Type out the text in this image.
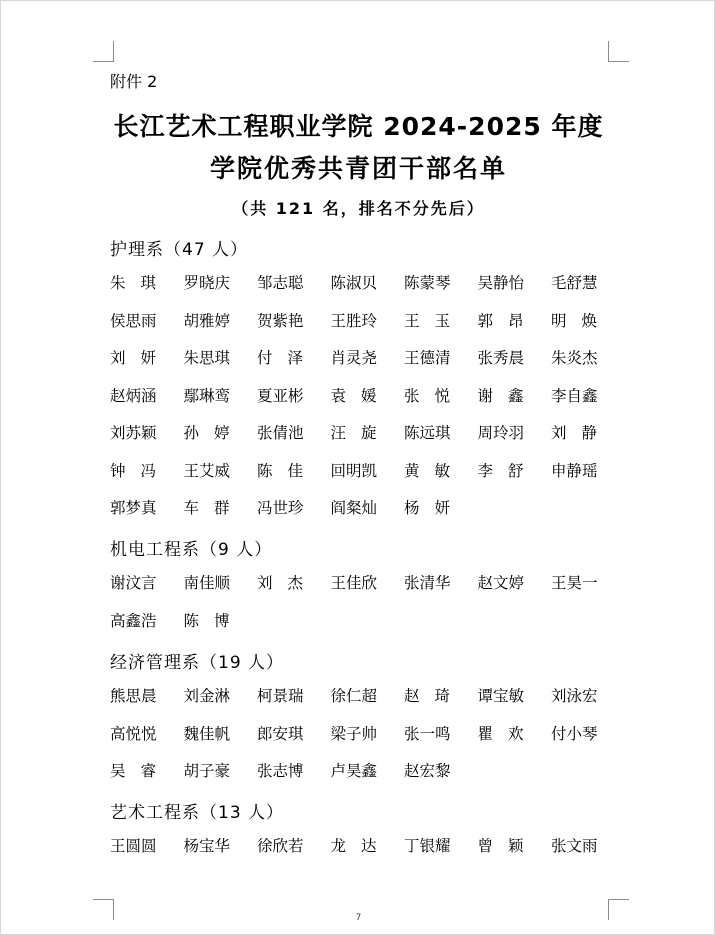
附件 2
长江艺术工程职业学院 2024-2025 年度
学院优秀共青团干部名单
（共 121 名，排名不分先后）
护理系（47 人）
朱琪 罗晓庆	邹志聪	陈淑贝	陈蒙琴	吴静怡	毛舒慧
侯思雨	胡雅婷	贺紫艳	王胜玲	王玉 郭昂 明焕
刘妍 朱思琪	付泽 肖灵尧	王德清	张秀晨	朱炎杰
赵炳涵	鄢琳鸾	夏亚彬	袁媛 张悦 谢鑫 李自鑫
刘苏颖	孙婷 张倩池	汪旋 陈远琪	周玲羽	刘静
钟冯 王艾威	陈佳 回明凯	黄敏 李舒 申静瑶
郭梦真	车群 冯世珍	阎粲灿	杨妍
机电工程系（9 人）
谢汶言	南佳顺	刘杰 王佳欣	张清华	赵文婷	王昊一
高鑫浩	陈博
经济管理系（19 人）
熊思晨	刘金淋	柯景瑞	徐仁超	赵琦 谭宝敏	刘泳宏
高悦悦	魏佳帆	郎安琪	梁子帅	张一鸣	瞿欢 付小琴
吴睿 胡子豪	张志博	卢昊鑫	赵宏黎
艺术工程系（13 人）
王圆圆	杨宝华	徐欣若	龙达 丁银耀	曾颖 张文雨
7
